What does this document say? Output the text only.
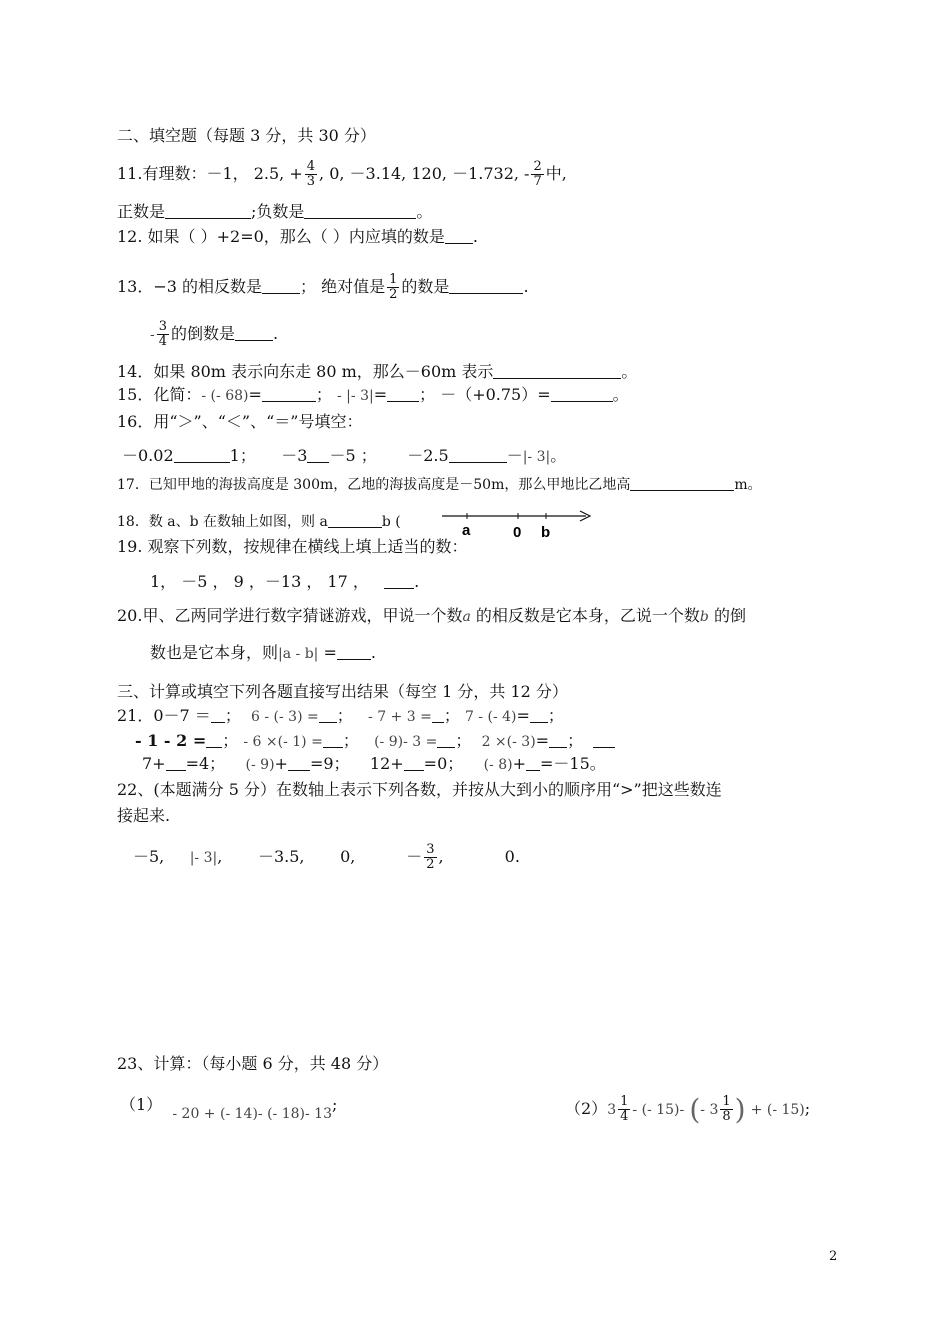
二、填空题（每题 3 分，共 30 分）
11.有理数：－1， 2.5, + $\frac{4}{3}$ , 0, －3.14, 120, －1.732, - $\frac{2}{7}$ 中,
正数是	;负数是	。
12. 如果（ ）+2=0，那么（ ）内应填的数是 .
13．−3 的相反数是 ； 绝对值是 $\frac{1}{2}$ 的数是	.
- $\frac{3}{4}$ 的倒数是 .
14．如果 80m 表示向东走 80 m，那么－60m 表示	。
15．化简：- (- 68)=	； - |- 3|= ； －（+0.75）=	。
16．用“＞”、“＜”、“＝”号填空：
－0.02	1； －3 －5 ； －2.5	－|- 3|。
17．已知甲地的海拔高度是 300m，乙地的海拔高度是－50m，那么甲地比乙地高	m。
18．数 a、b 在数轴上如图，则 a	b (	a	0 b
19. 观察下列数，按规律在横线上填上适当的数：
1， －5 ， 9 ，－13 ， 17 ，	.
20.甲、乙两同学进行数字猜谜游戏，甲说一个数a 的相反数是它本身，乙说一个数b 的倒
数也是它本身，则|a - b| = .
三、计算或填空下列各题直接写出结果（每空 1 分，共 12 分）
21．0－7 ＝ ； 6 - (- 3) = ； - 7 + 3 = ； 7 - (- 4)= ；
- 1 - 2 = ； - 6 ×(- 1) = ； (- 9)- 3 = ； 2 ×(- 3)= ；
7+ =4； (- 9)+ =9； 12+ =0； (- 8)+ =－15。
22、(本题满分 5 分）在数轴上表示下列各数，并按从大到小的顺序用“>”把这些数连
接起来.
－5, |- 3|, －3.5, 0,	－ $\frac{3}{2}$ ,	0.
23、计算：（每小题 6 分，共 48 分）
（1） - 20 + (- 14)- (- 18)- 13;	$(2)3 \frac{1}{4}$ - (- 15)- (- $3 \frac{1}{8}$ ) + (- 15);
2
